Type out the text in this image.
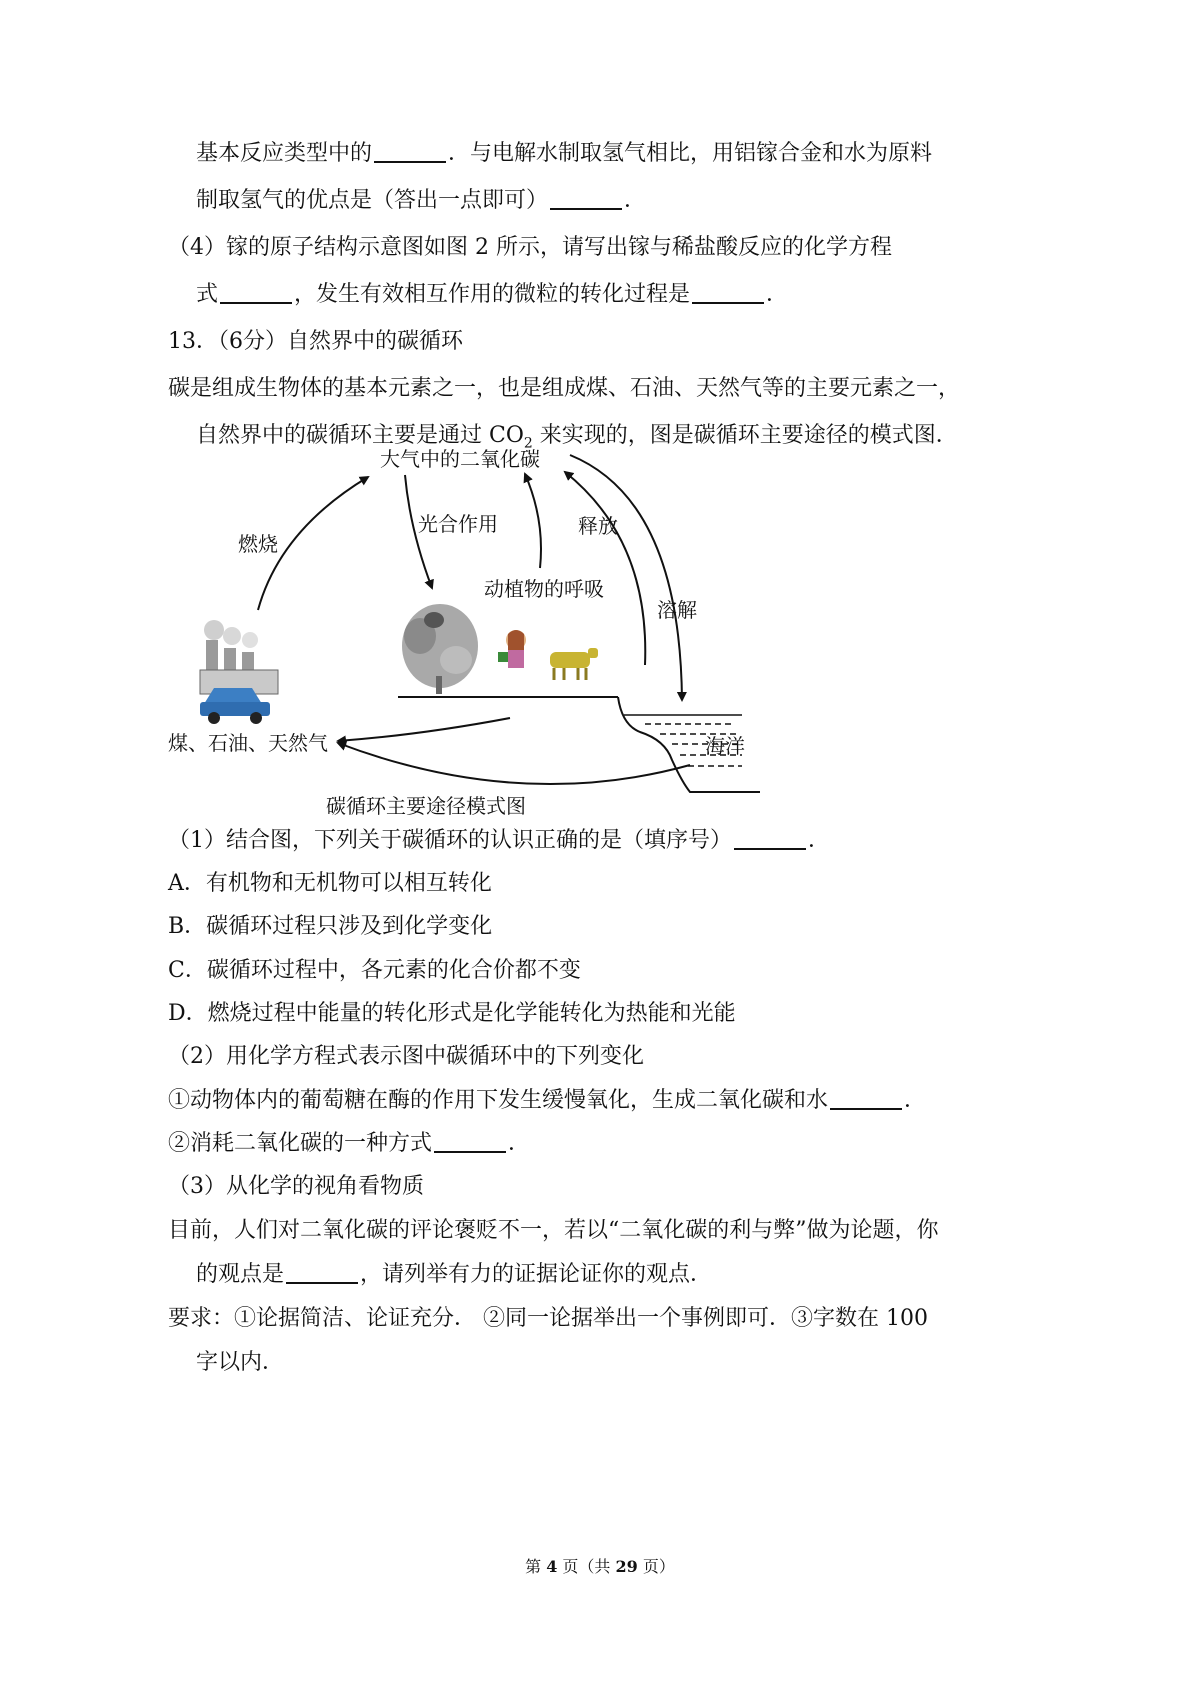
基本反应类型中的	．与电解水制取氢气相比，用铝镓合金和水为原料
制取氢气的优点是（答出一点即可）	．
（4）镓的原子结构示意图如图 2 所示，请写出镓与稀盐酸反应的化学方程
式	，发生有效相互作用的微粒的转化过程是	．
13．（6分）自然界中的碳循环
碳是组成生物体的基本元素之一，也是组成煤、石油、天然气等的主要元素之一，
自然界中的碳循环主要是通过 $CO_2$ 来实现的，图是碳循环主要途径的模式图．
大气中的二氧化碳
燃烧
光合作用	释放
动植物的呼吸
溶解
煤、石油、天然气	海洋
碳循环主要途径模式图
（1）结合图，下列关于碳循环的认识正确的是（填序号）	．
A．有机物和无机物可以相互转化
B．碳循环过程只涉及到化学变化
C．碳循环过程中，各元素的化合价都不变
D．燃烧过程中能量的转化形式是化学能转化为热能和光能
（2）用化学方程式表示图中碳循环中的下列变化
①动物体内的葡萄糖在酶的作用下发生缓慢氧化，生成二氧化碳和水	．
②消耗二氧化碳的一种方式	．
（3）从化学的视角看物质
目前，人们对二氧化碳的评论褒贬不一，若以“二氧化碳的利与弊”做为论题，你
的观点是	，请列举有力的证据论证你的观点．
要求：①论据简洁、论证充分． ②同一论据举出一个事例即可．③字数在 100
字以内．
第 4 页（共 29 页）
